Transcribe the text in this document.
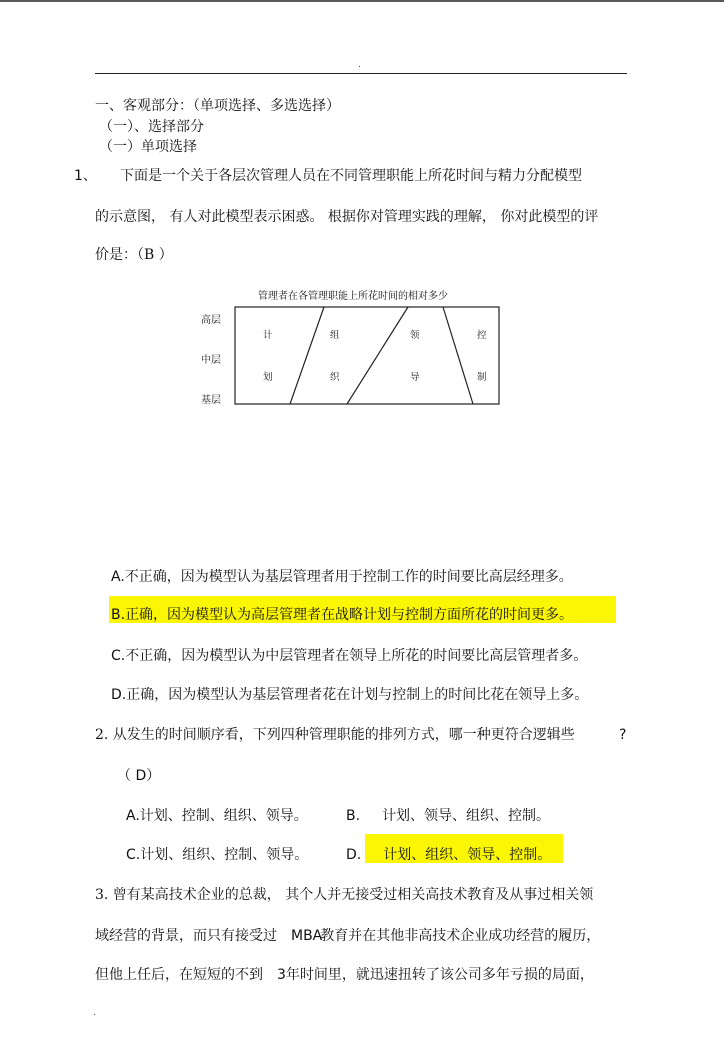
.
一、客观部分：（单项选择、多选选择）
（一）、选择部分
（一）单项选择
1、 下面是一个关于各层次管理人员在不同管理职能上所花时间与精力分配模型
的示意图， 有人对此模型表示困惑。 根据你对管理实践的理解， 你对此模型的评
价是：（B ）
管理者在各管理职能上所花时间的相对多少
高层
中层
基层
计
划
组
织
领
导
控
制
A.不正确，因为模型认为基层管理者用于控制工作的时间要比高层经理多。
B.正确，因为模型认为高层管理者在战略计划与控制方面所花的时间更多。
C.不正确，因为模型认为中层管理者在领导上所花的时间要比高层管理者多。
D.正确，因为模型认为基层管理者花在计划与控制上的时间比花在领导上多。
2. 从发生的时间顺序看，下列四种管理职能的排列方式，哪一种更符合逻辑些	?
（ D）
A.计划、控制、组织、领导。	B. 计划、领导、组织、控制。
C.计划、组织、控制、领导。	D. 计划、组织、领导、控制。
3. 曾有某高技术企业的总裁， 其个人并无接受过相关高技术教育及从事过相关领
域经营的背景，而只有接受过 MBA教育并在其他非高技术企业成功经营的履历，
但他上任后，在短短的不到 3年时间里，就迅速扭转了该公司多年亏损的局面，
.
